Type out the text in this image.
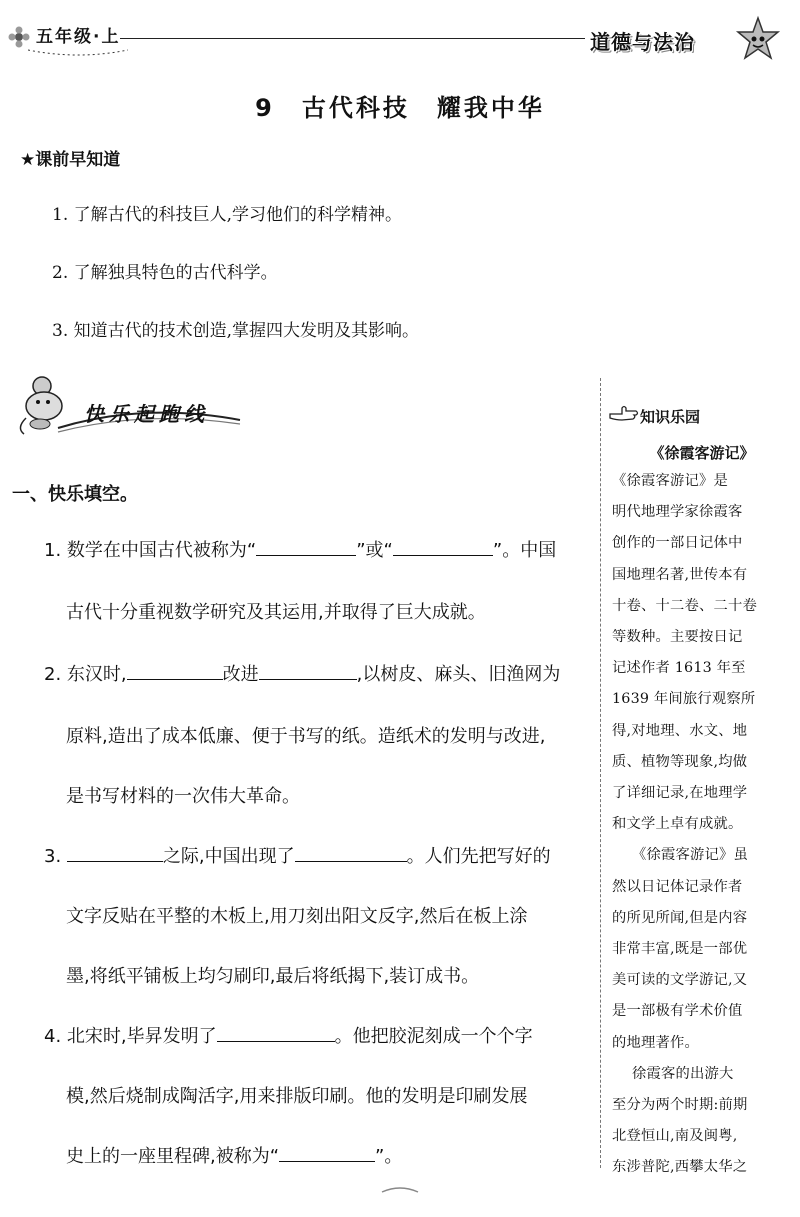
五年级·上	道德与法治
9　古代科技　耀我中华
★课前早知道
1. 了解古代的科技巨人,学习他们的科学精神。
2. 了解独具特色的古代科学。
3. 知道古代的技术创造,掌握四大发明及其影响。
快乐起跑线
一、快乐填空。
1. 数学在中国古代被称为“	”或“	”。中国
古代十分重视数学研究及其运用,并取得了巨大成就。
2. 东汉时,	改进	,以树皮、麻头、旧渔网为
原料,造出了成本低廉、便于书写的纸。造纸术的发明与改进,
是书写材料的一次伟大革命。
3.	之际,中国出现了	。人们先把写好的
文字反贴在平整的木板上,用刀刻出阳文反字,然后在板上涂
墨,将纸平铺板上均匀刷印,最后将纸揭下,装订成书。
4. 北宋时,毕昇发明了	。他把胶泥刻成一个个字
模,然后烧制成陶活字,用来排版印刷。他的发明是印刷发展
史上的一座里程碑,被称为“	”。
知识乐园
《徐霞客游记》
《徐霞客游记》是
明代地理学家徐霞客
创作的一部日记体中
国地理名著,世传本有
十卷、十二卷、二十卷
等数种。主要按日记
记述作者 1613 年至
1639 年间旅行观察所
得,对地理、水文、地
质、植物等现象,均做
了详细记录,在地理学
和文学上卓有成就。
《徐霞客游记》虽
然以日记体记录作者
的所见所闻,但是内容
非常丰富,既是一部优
美可读的文学游记,又
是一部极有学术价值
的地理著作。
徐霞客的出游大
至分为两个时期:前期
北登恒山,南及闽粤,
东涉普陀,西攀太华之
